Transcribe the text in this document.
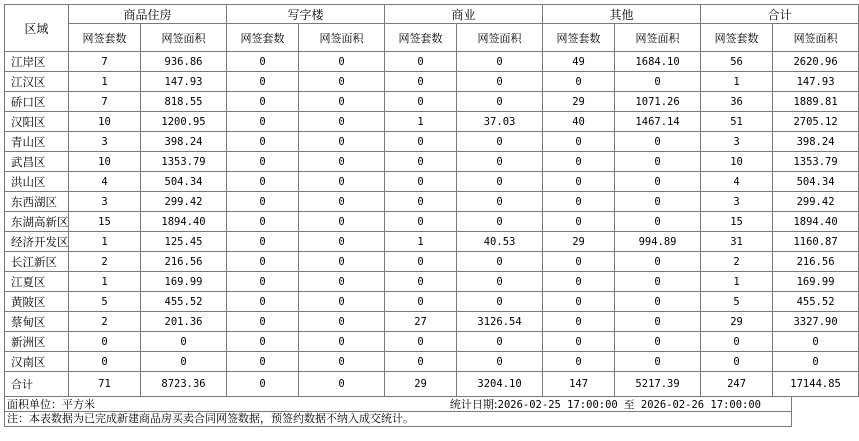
区域	商品住房		写字楼		商业		其他		合计	
	网签套数	网签面积	网签套数	网签面积	网签套数	网签面积	网签套数	网签面积	网签套数	网签面积
江岸区	7	936.86	0	0	0	0	49	1684.10	56	2620.96
江汉区	1	147.93	0	0	0	0	0	0	1	147.93
硚口区	7	818.55	0	0	0	0	29	1071.26	36	1889.81
汉阳区	10	1200.95	0	0	1	37.03	40	1467.14	51	2705.12
青山区	3	398.24	0	0	0	0	0	0	3	398.24
武昌区	10	1353.79	0	0	0	0	0	0	10	1353.79
洪山区	4	504.34	0	0	0	0	0	0	4	504.34
东西湖区	3	299.42	0	0	0	0	0	0	3	299.42
东湖高新区	15	1894.40	0	0	0	0	0	0	15	1894.40
经济开发区	1	125.45	0	0	1	40.53	29	994.89	31	1160.87
长江新区	2	216.56	0	0	0	0	0	0	2	216.56
江夏区	1	169.99	0	0	0	0	0	0	1	169.99
黄陂区	5	455.52	0	0	0	0	0	0	5	455.52
蔡甸区	2	201.36	0	0	27	3126.54	0	0	29	3327.90
新洲区	0	0	0	0	0	0	0	0	0	0
汉南区	0	0	0	0	0	0	0	0	0	0
合计	71	8723.36	0	0	29	3204.10	147	5217.39	247	17144.85
面积单位：平方米	统计日期:2026-02-25 17:00:00 至 2026-02-26 17:00:00
注：本表数据为已完成新建商品房买卖合同网签数据，预签约数据不纳入成交统计。
